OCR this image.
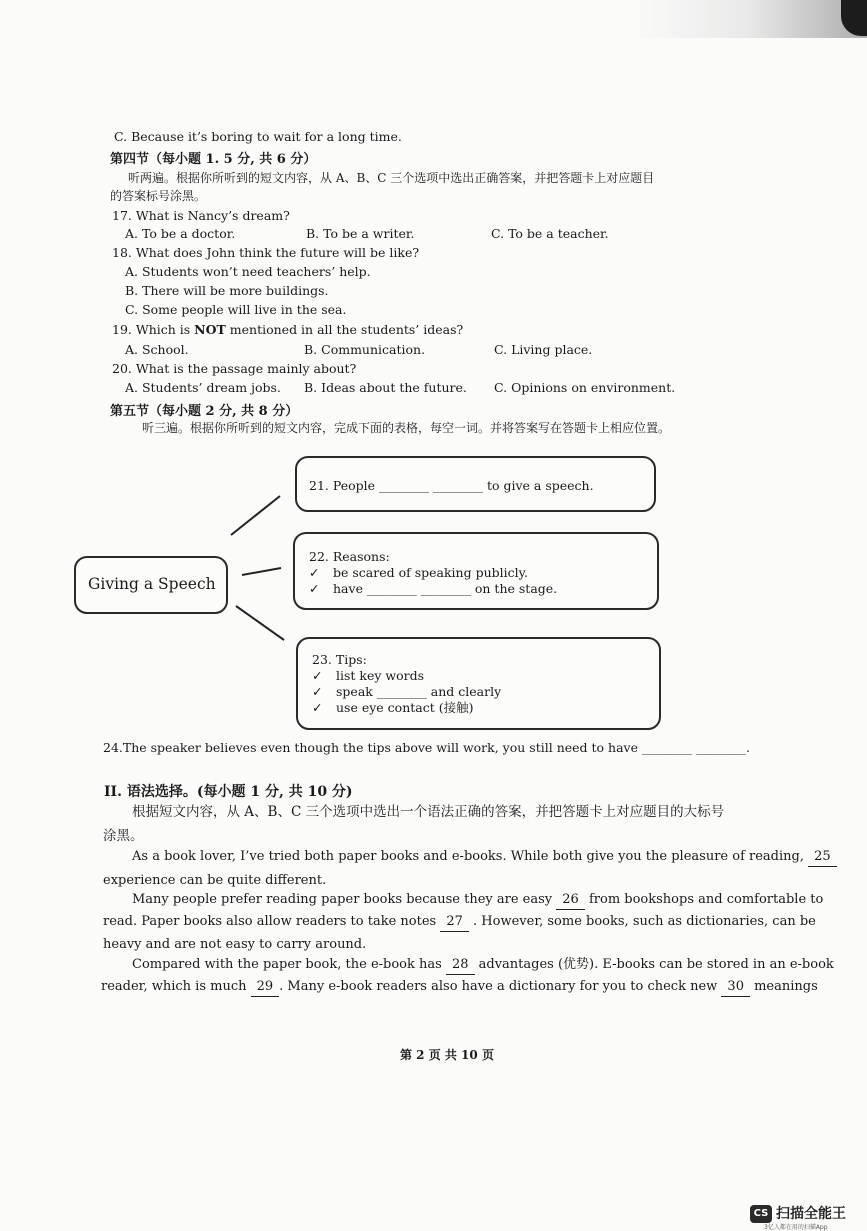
C. Because it’s boring to wait for a long time.
第四节（每小题 1. 5 分, 共 6 分）
听两遍。根据你所听到的短文内容，从 A、B、C 三个选项中选出正确答案，并把答题卡上对应题目
的答案标号涂黑。
17. What is Nancy’s dream?
A. To be a doctor.	B. To be a writer.	C. To be a teacher.
18. What does John think the future will be like?
A. Students won’t need teachers’ help.
B. There will be more buildings.
C. Some people will live in the sea.
19. Which is NOT mentioned in all the students’ ideas?
A. School.	B. Communication.	C. Living place.
20. What is the passage mainly about?
A. Students’ dream jobs. B. Ideas about the future. C. Opinions on environment.
第五节（每小题 2 分, 共 8 分）
听三遍。根据你所听到的短文内容，完成下面的表格，每空一词。并将答案写在答题卡上相应位置。
Giving a Speech
21. People ________ ________ to give a speech.
22. Reasons:
✓ be scared of speaking publicly.
✓ have ________ ________ on the stage.
23. Tips:
✓ list key words
✓ speak ________ and clearly
✓ use eye contact (接触)
24.The speaker believes even though the tips above will work, you still need to have ________ ________.
II. 语法选择。(每小题 1 分, 共 10 分)
根据短文内容，从 A、B、C 三个选项中选出一个语法正确的答案，并把答题卡上对应题目的大标号
涂黑。
As a book lover, I’ve tried both paper books and e-books. While both give you the pleasure of reading, 25
experience can be quite different.
Many people prefer reading paper books because they are easy 26 from bookshops and comfortable to
read. Paper books also allow readers to take notes 27 . However, some books, such as dictionaries, can be
heavy and are not easy to carry around.
Compared with the paper book, the e-book has 28 advantages (优势). E-books can be stored in an e-book
reader, which is much 29 . Many e-book readers also have a dictionary for you to check new 30 meanings
第 2 页 共 10 页
CS 扫描全能王
3亿人都在用的扫描App
